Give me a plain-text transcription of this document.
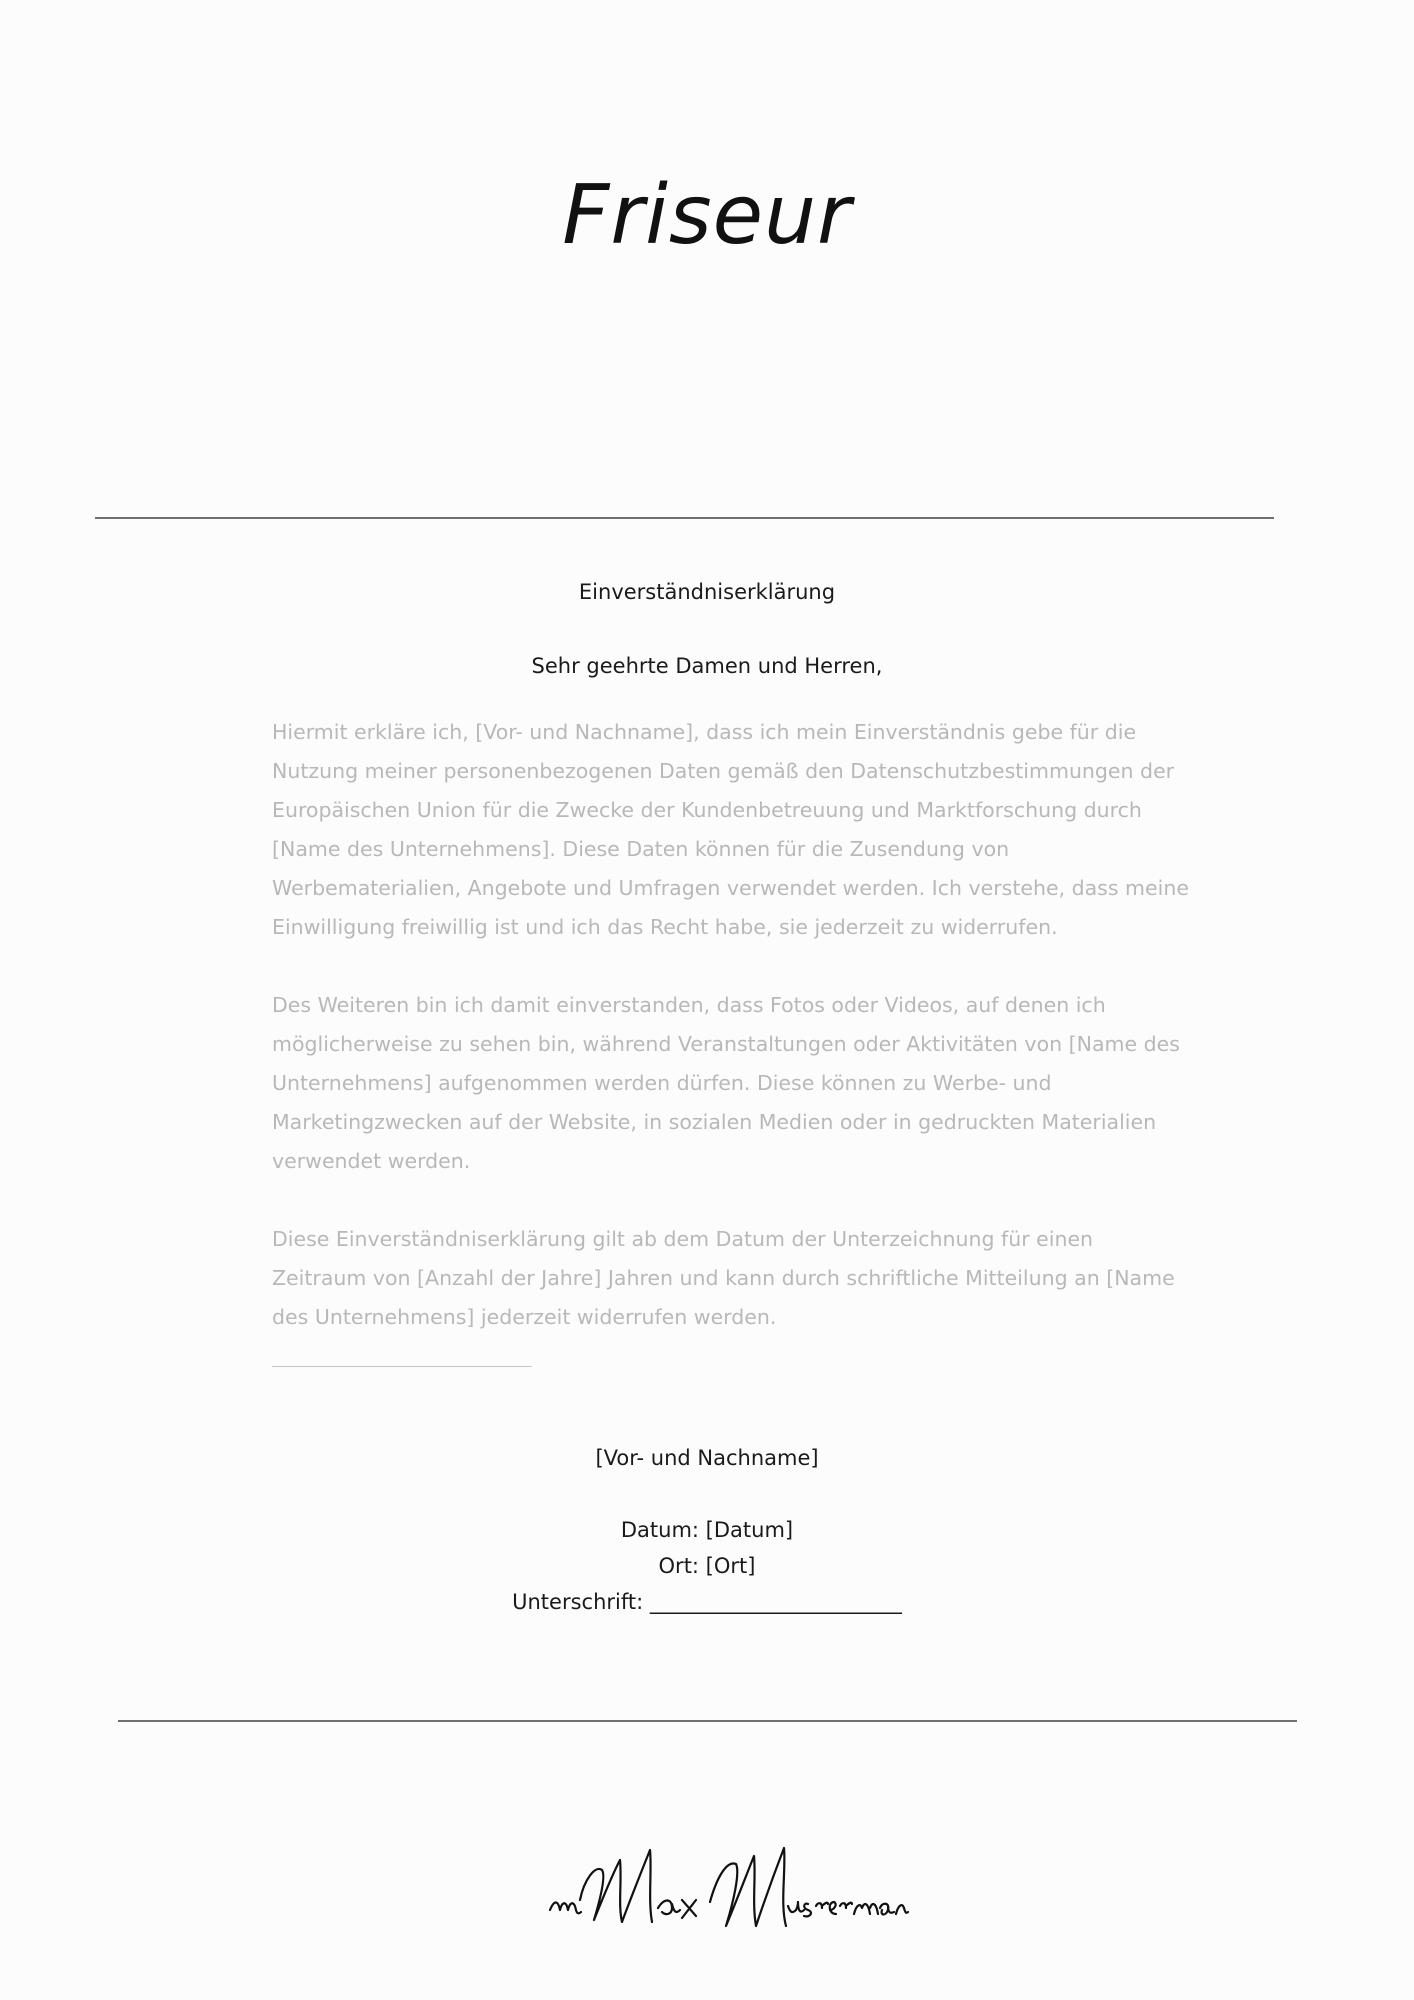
Friseur
Einverständniserklärung
Sehr geehrte Damen und Herren,

Hiermit erkläre ich, [Vor- und Nachname], dass ich mein Einverständnis gebe für die Nutzung meiner personenbezogenen Daten gemäß den Datenschutzbestimmungen der Europäischen Union für die Zwecke der Kundenbetreuung und Marktforschung durch [Name des Unternehmens]. Diese Daten können für die Zusendung von Werbematerialien, Angebote und Umfragen verwendet werden. Ich verstehe, dass meine Einwilligung freiwillig ist und ich das Recht habe, sie jederzeit zu widerrufen.

Des Weiteren bin ich damit einverstanden, dass Fotos oder Videos, auf denen ich möglicherweise zu sehen bin, während Veranstaltungen oder Aktivitäten von [Name des Unternehmens] aufgenommen werden dürfen. Diese können zu Werbe- und Marketingzwecken auf der Website, in sozialen Medien oder in gedruckten Materialien verwendet werden.

Diese Einverständniserklärung gilt ab dem Datum der Unterzeichnung für einen Zeitraum von [Anzahl der Jahre] Jahren und kann durch schriftliche Mitteilung an [Name des Unternehmens] jederzeit widerrufen werden.

[Vor- und Nachname]
Datum: [Datum]
Ort: [Ort]
Unterschrift: ________________________
